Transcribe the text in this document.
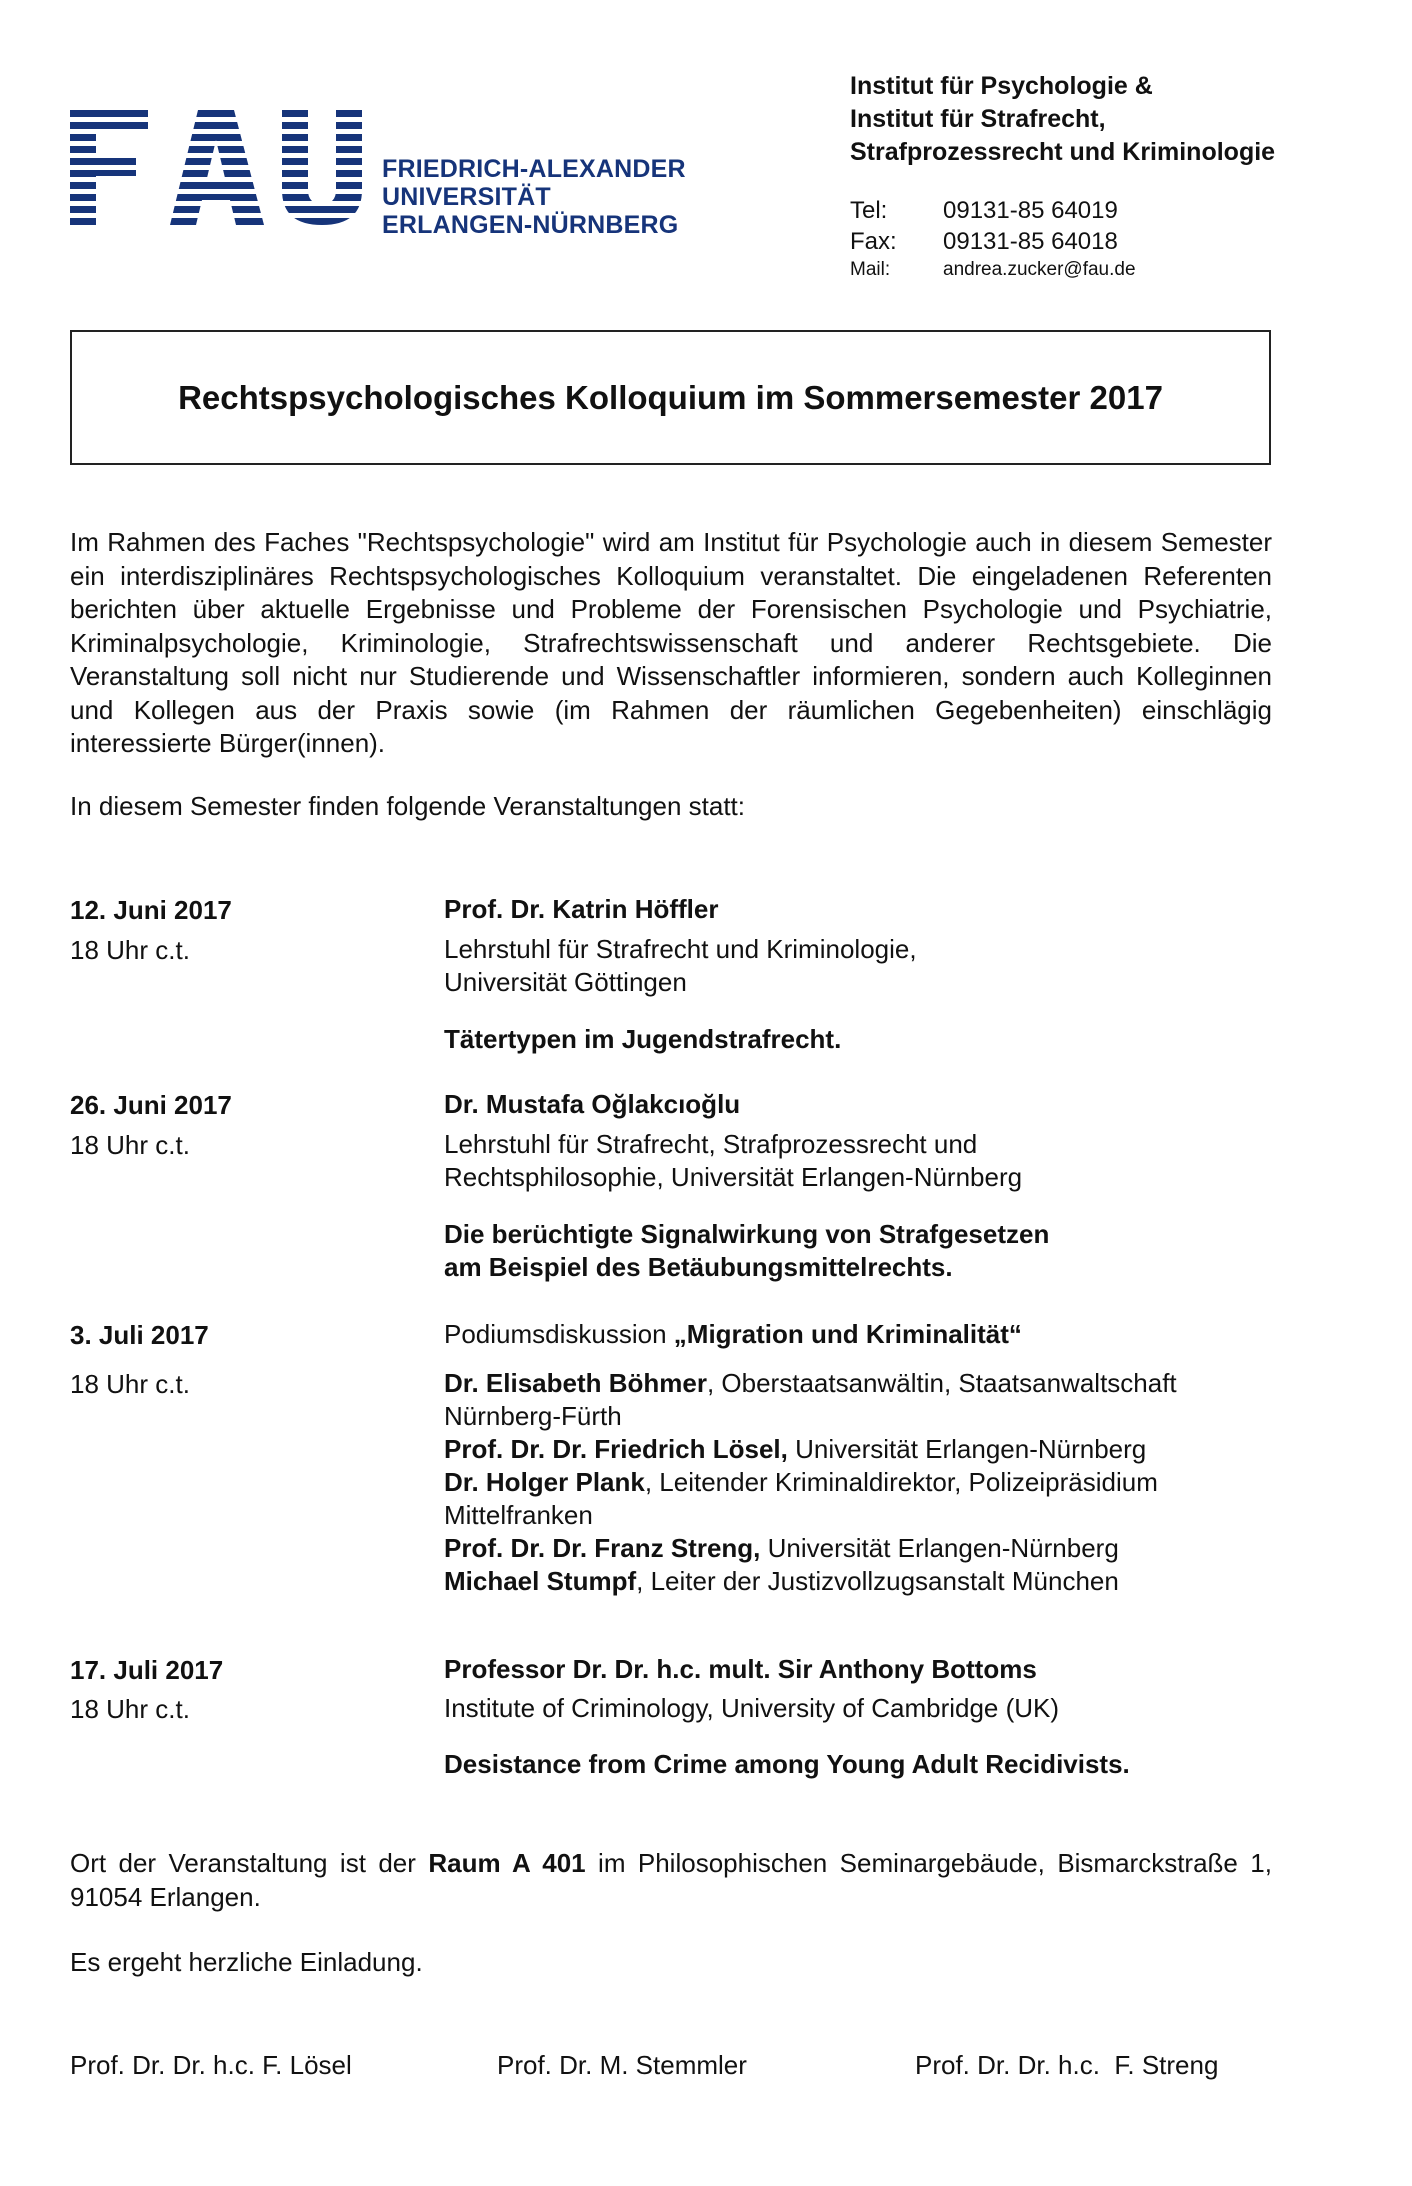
FRIEDRICH-ALEXANDER
UNIVERSITÄT
ERLANGEN-NÜRNBERG
Institut für Psychologie &
Institut für Strafrecht,
Strafprozessrecht und Kriminologie
Tel:	09131-85 64019
Fax:	09131-85 64018
Mail:	andrea.zucker@fau.de
Rechtspsychologisches Kolloquium im Sommersemester 2017
Im Rahmen des Faches "Rechtspsychologie" wird am Institut für Psychologie auch in diesem Semester ein interdisziplinäres Rechtspsychologisches Kolloquium veranstaltet. Die eingeladenen Referenten berichten über aktuelle Ergebnisse und Probleme der Forensischen Psychologie und Psychiatrie, Kriminalpsychologie, Kriminologie, Strafrechtswissenschaft und anderer Rechtsgebiete. Die Veranstaltung soll nicht nur Studierende und Wissenschaftler informieren, sondern auch Kolleginnen und Kollegen aus der Praxis sowie (im Rahmen der räumlichen Gegebenheiten) einschlägig interessierte Bürger(innen).
In diesem Semester finden folgende Veranstaltungen statt:
12. Juni 2017
18 Uhr c.t.
Prof. Dr. Katrin Höffler
Lehrstuhl für Strafrecht und Kriminologie,
Universität Göttingen
Tätertypen im Jugendstrafrecht.
26. Juni 2017
18 Uhr c.t.
Dr. Mustafa Oğlakcıoğlu
Lehrstuhl für Strafrecht, Strafprozessrecht und
Rechtsphilosophie, Universität Erlangen-Nürnberg
Die berüchtigte Signalwirkung von Strafgesetzen
am Beispiel des Betäubungsmittelrechts.
3. Juli 2017
18 Uhr c.t.
Podiumsdiskussion „Migration und Kriminalität“
Dr. Elisabeth Böhmer, Oberstaatsanwältin, Staatsanwaltschaft
Nürnberg-Fürth
Prof. Dr. Dr. Friedrich Lösel, Universität Erlangen-Nürnberg
Dr. Holger Plank, Leitender Kriminaldirektor, Polizeipräsidium
Mittelfranken
Prof. Dr. Dr. Franz Streng, Universität Erlangen-Nürnberg
Michael Stumpf, Leiter der Justizvollzugsanstalt München
17. Juli 2017
18 Uhr c.t.
Professor Dr. Dr. h.c. mult. Sir Anthony Bottoms
Institute of Criminology, University of Cambridge (UK)
Desistance from Crime among Young Adult Recidivists.
Ort der Veranstaltung ist der Raum A 401 im Philosophischen Seminargebäude, Bismarckstraße 1, 91054 Erlangen.
Es ergeht herzliche Einladung.
Prof. Dr. Dr. h.c. F. Lösel	Prof. Dr. M. Stemmler	Prof. Dr. Dr. h.c.  F. Streng
